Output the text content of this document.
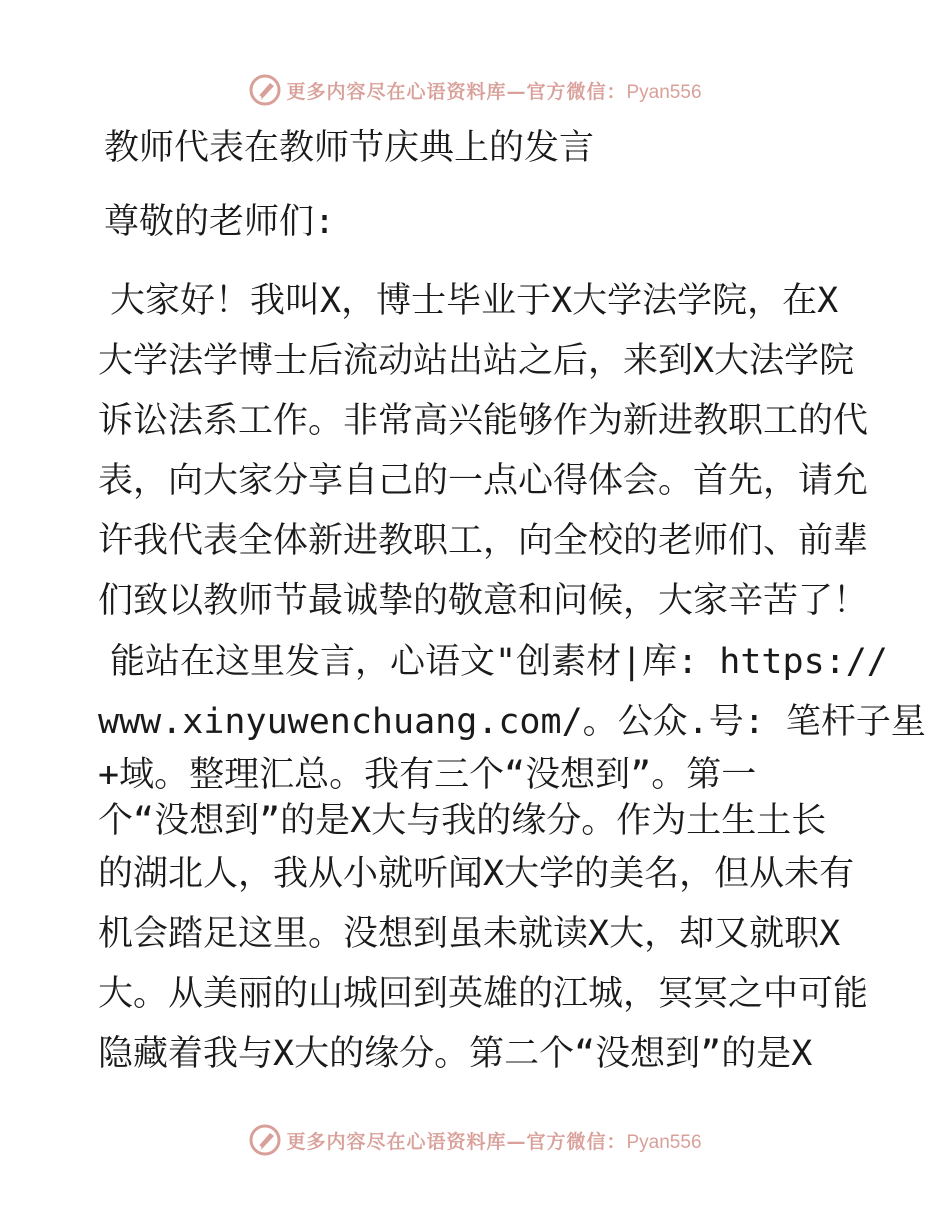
更多内容尽在心语资料库—官方微信：Pyan556
教师代表在教师节庆典上的发言
尊敬的老师们:
大家好！我叫X，博士毕业于X大学法学院，在X
大学法学博士后流动站出站之后，来到X大法学院
诉讼法系工作。非常高兴能够作为新进教职工的代
表，向大家分享自己的一点心得体会。首先，请允
许我代表全体新进教职工，向全校的老师们、前辈
们致以教师节最诚挚的敬意和问候，大家辛苦了！
能站在这里发言，心语文"创素材|库: https://
www.xinyuwenchuang.com/。公众.号: 笔杆子星
+域。整理汇总。我有三个“没想到”。第一
个“没想到”的是X大与我的缘分。作为土生土长
的湖北人，我从小就听闻X大学的美名，但从未有
机会踏足这里。没想到虽未就读X大，却又就职X
大。从美丽的山城回到英雄的江城，冥冥之中可能
隐藏着我与X大的缘分。第二个“没想到”的是X
更多内容尽在心语资料库—官方微信：Pyan556
